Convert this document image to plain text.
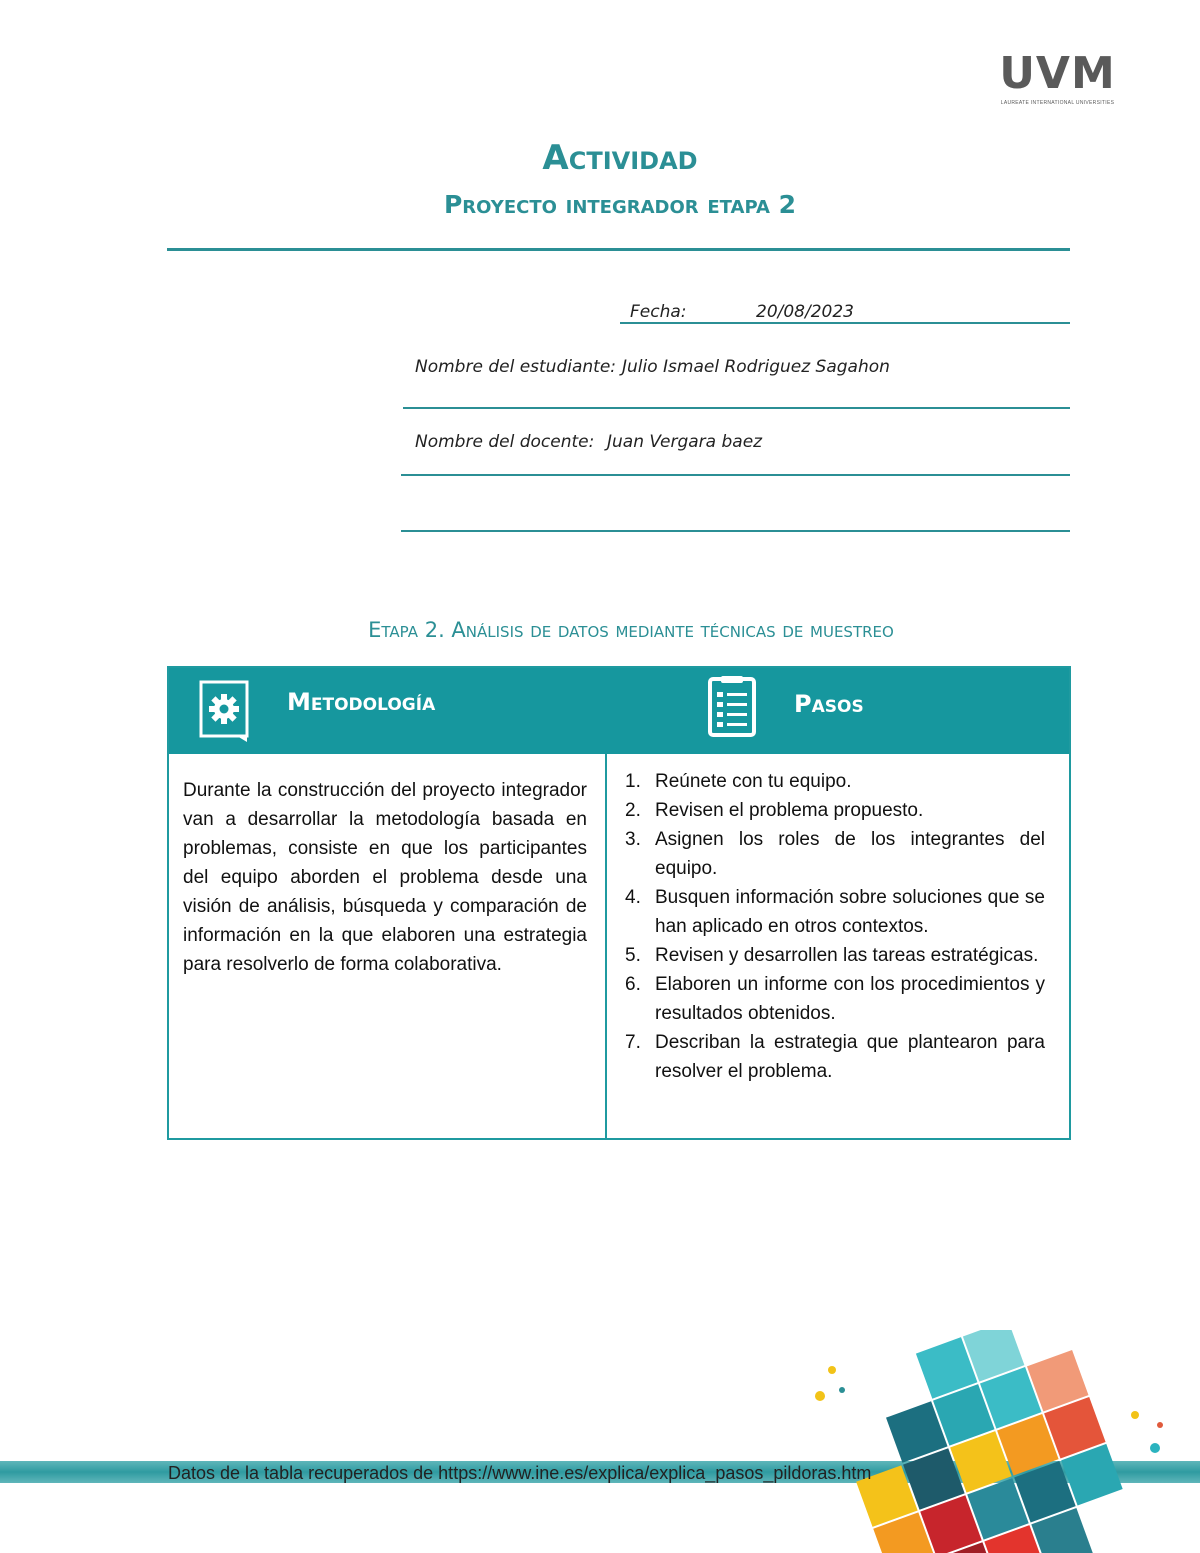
UVM
LAUREATE INTERNATIONAL UNIVERSITIES
Actividad
Proyecto integrador etapa 2
Fecha:	20/08/2023
Nombre del estudiante: Julio Ismael Rodriguez Sagahon
Nombre del docente: Juan Vergara baez
Etapa 2. Análisis de datos mediante técnicas de muestreo
Metodología	Pasos
Durante la construcción del proyecto integrador van a desarrollar la metodología basada en problemas, consiste en que los participantes del equipo aborden el problema desde una visión de análisis, búsqueda y comparación de información en la que elaboren una estrategia para resolverlo de forma colaborativa.
1. Reúnete con tu equipo.
2. Revisen el problema propuesto.
3. Asignen los roles de los integrantes del equipo.
4. Busquen información sobre soluciones que se han aplicado en otros contextos.
5. Revisen y desarrollen las tareas estratégicas.
6. Elaboren un informe con los procedimientos y resultados obtenidos.
7. Describan la estrategia que plantearon para resolver el problema.
Datos de la tabla recuperados de https://www.ine.es/explica/explica_pasos_pildoras.htm
